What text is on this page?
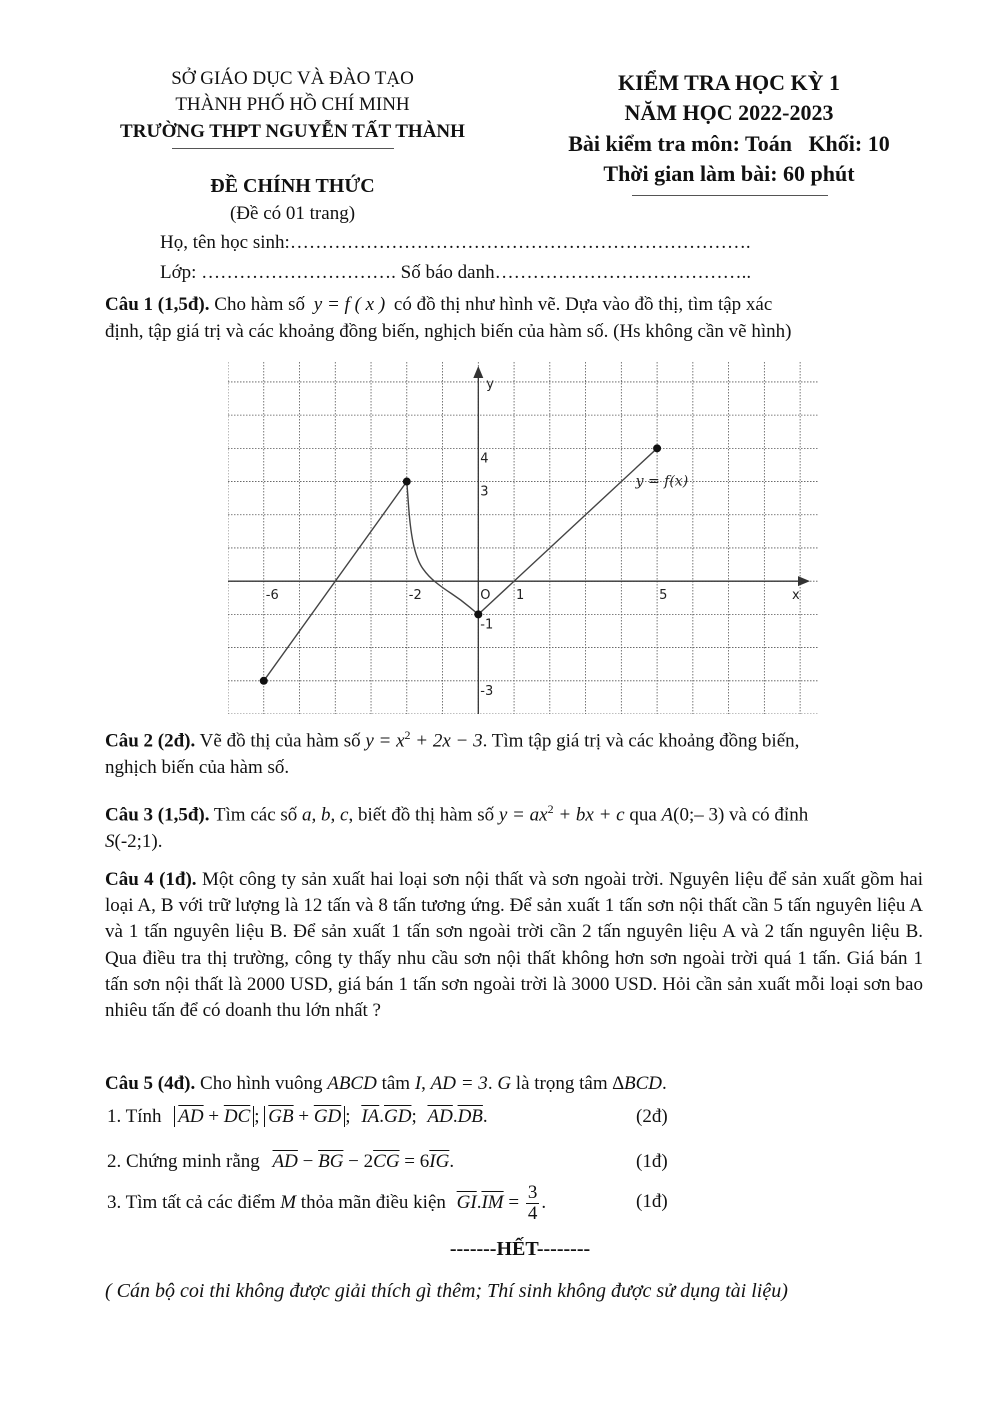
SỞ GIÁO DỤC VÀ ĐÀO TẠO
THÀNH PHỐ HỒ CHÍ MINH
TRƯỜNG THPT NGUYỄN TẤT THÀNH
ĐỀ CHÍNH THỨC
(Đề có 01 trang)
KIỂM TRA HỌC KỲ 1
NĂM HỌC 2022-2023
Bài kiểm tra môn: Toán   Khối: 10
Thời gian làm bài: 60 phút
Họ, tên học sinh:……………………………………………………………….
Lớp: …………………………. Số báo danh…………………………………..
Câu 1 (1,5đ). Cho hàm số y = f ( x ) có đồ thị như hình vẽ. Dựa vào đồ thị, tìm tập xác
định, tập giá trị và các khoảng đồng biến, nghịch biến của hàm số. (Hs không cần vẽ hình)
x
y
O
-6	-2	1	5
4
3
-1
-3
y = f(x)
Câu 2 (2đ). Vẽ đồ thị của hàm số $y = x^2 + 2x - 3$. Tìm tập giá trị và các khoảng đồng biến,
nghịch biến của hàm số.
Câu 3 (1,5đ). Tìm các số a, b, c, biết đồ thị hàm số $y = ax^2$ + bx + c qua A(0;– 3) và có đỉnh
S(-2;1).
Câu 4 (1đ). Một công ty sản xuất hai loại sơn nội thất và sơn ngoài trời. Nguyên liệu để sản xuất gồm hai loại A, B với trữ lượng là 12 tấn và 8 tấn tương ứng. Để sản xuất 1 tấn sơn nội thất cần 5 tấn nguyên liệu A và 1 tấn nguyên liệu B. Để sản xuất 1 tấn sơn ngoài trời cần 2 tấn nguyên liệu A và 2 tấn nguyên liệu B. Qua điều tra thị trường, công ty thấy nhu cầu sơn nội thất không hơn sơn ngoài trời quá 1 tấn. Giá bán 1 tấn sơn nội thất là 2000 USD, giá bán 1 tấn sơn ngoài trời là 3000 USD. Hỏi cần sản xuất mỗi loại sơn bao nhiêu tấn để có doanh thu lớn nhất ?
Câu 5 (4đ). Cho hình vuông ABCD tâm I, AD = 3. G là trọng tâm ∆BCD.
1. Tính $\overline{AD} + \overline{DC}$ ; $\overline{GB} + \overline{GD}$ ; $\overline{IA}.\overline{GD}$; $\overline{AD}.\overline{DB}$.	(2đ)
2. Chứng minh rằng $\overline{AD} - \overline{BG} - 2\overline{CG} = 6\overline{IG}$.	(1đ)
3. Tìm tất cả các điểm M thỏa mãn điều kiện $\overline{GI}.\overline{IM} = \frac{3}{4}$ .	(1đ)
-------HẾT--------
( Cán bộ coi thi không được giải thích gì thêm; Thí sinh không được sử dụng tài liệu)
